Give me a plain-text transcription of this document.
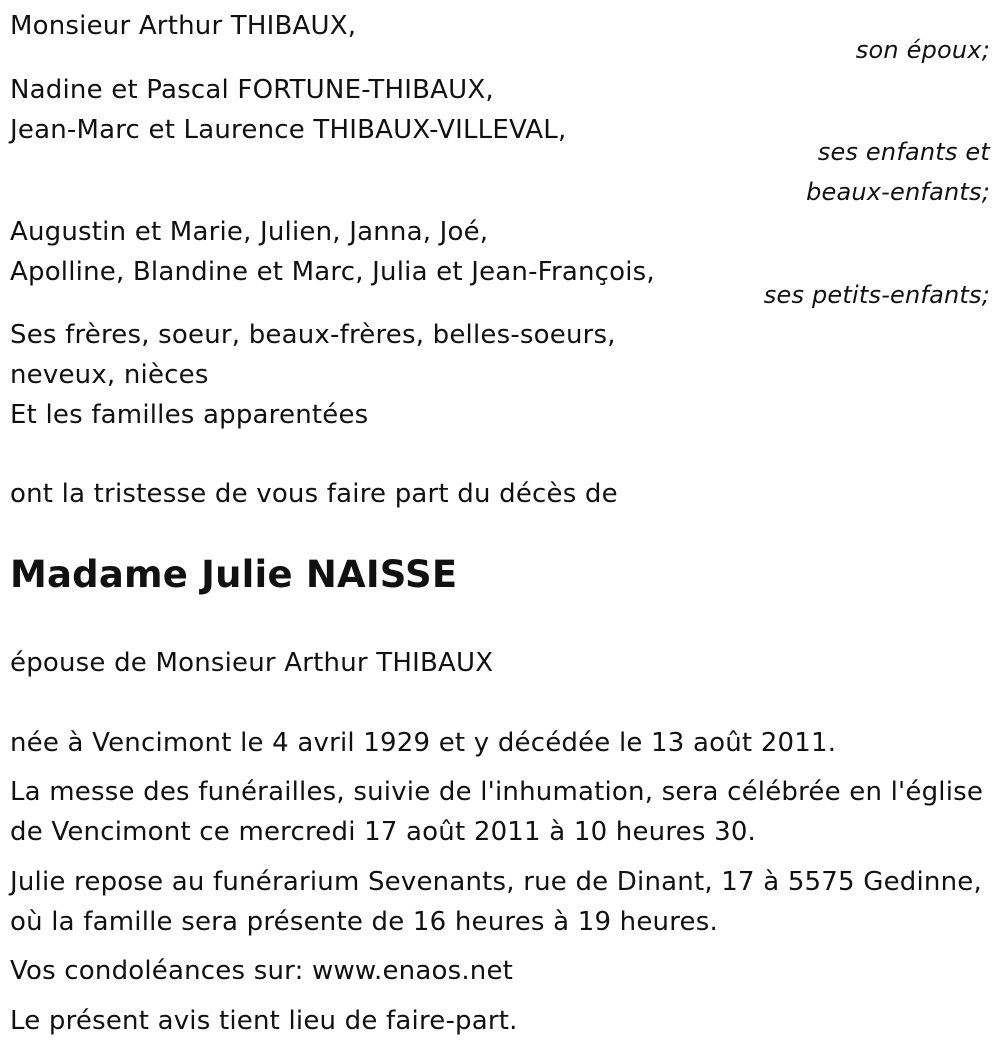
Monsieur Arthur THIBAUX,
son époux;
Nadine et Pascal FORTUNE-THIBAUX,
Jean-Marc et Laurence THIBAUX-VILLEVAL,
ses enfants et
beaux-enfants;
Augustin et Marie, Julien, Janna, Joé,
Apolline, Blandine et Marc, Julia et Jean-François,
ses petits-enfants;
Ses frères, soeur, beaux-frères, belles-soeurs,
neveux, nièces
Et les familles apparentées
ont la tristesse de vous faire part du décès de
Madame Julie NAISSE
épouse de Monsieur Arthur THIBAUX
née à Vencimont le 4 avril 1929 et y décédée le 13 août 2011.
La messe des funérailles, suivie de l'inhumation, sera célébrée en l'église
de Vencimont ce mercredi 17 août 2011 à 10 heures 30.
Julie repose au funérarium Sevenants, rue de Dinant, 17 à 5575 Gedinne,
où la famille sera présente de 16 heures à 19 heures.
Vos condoléances sur: www.enaos.net
Le présent avis tient lieu de faire-part.
